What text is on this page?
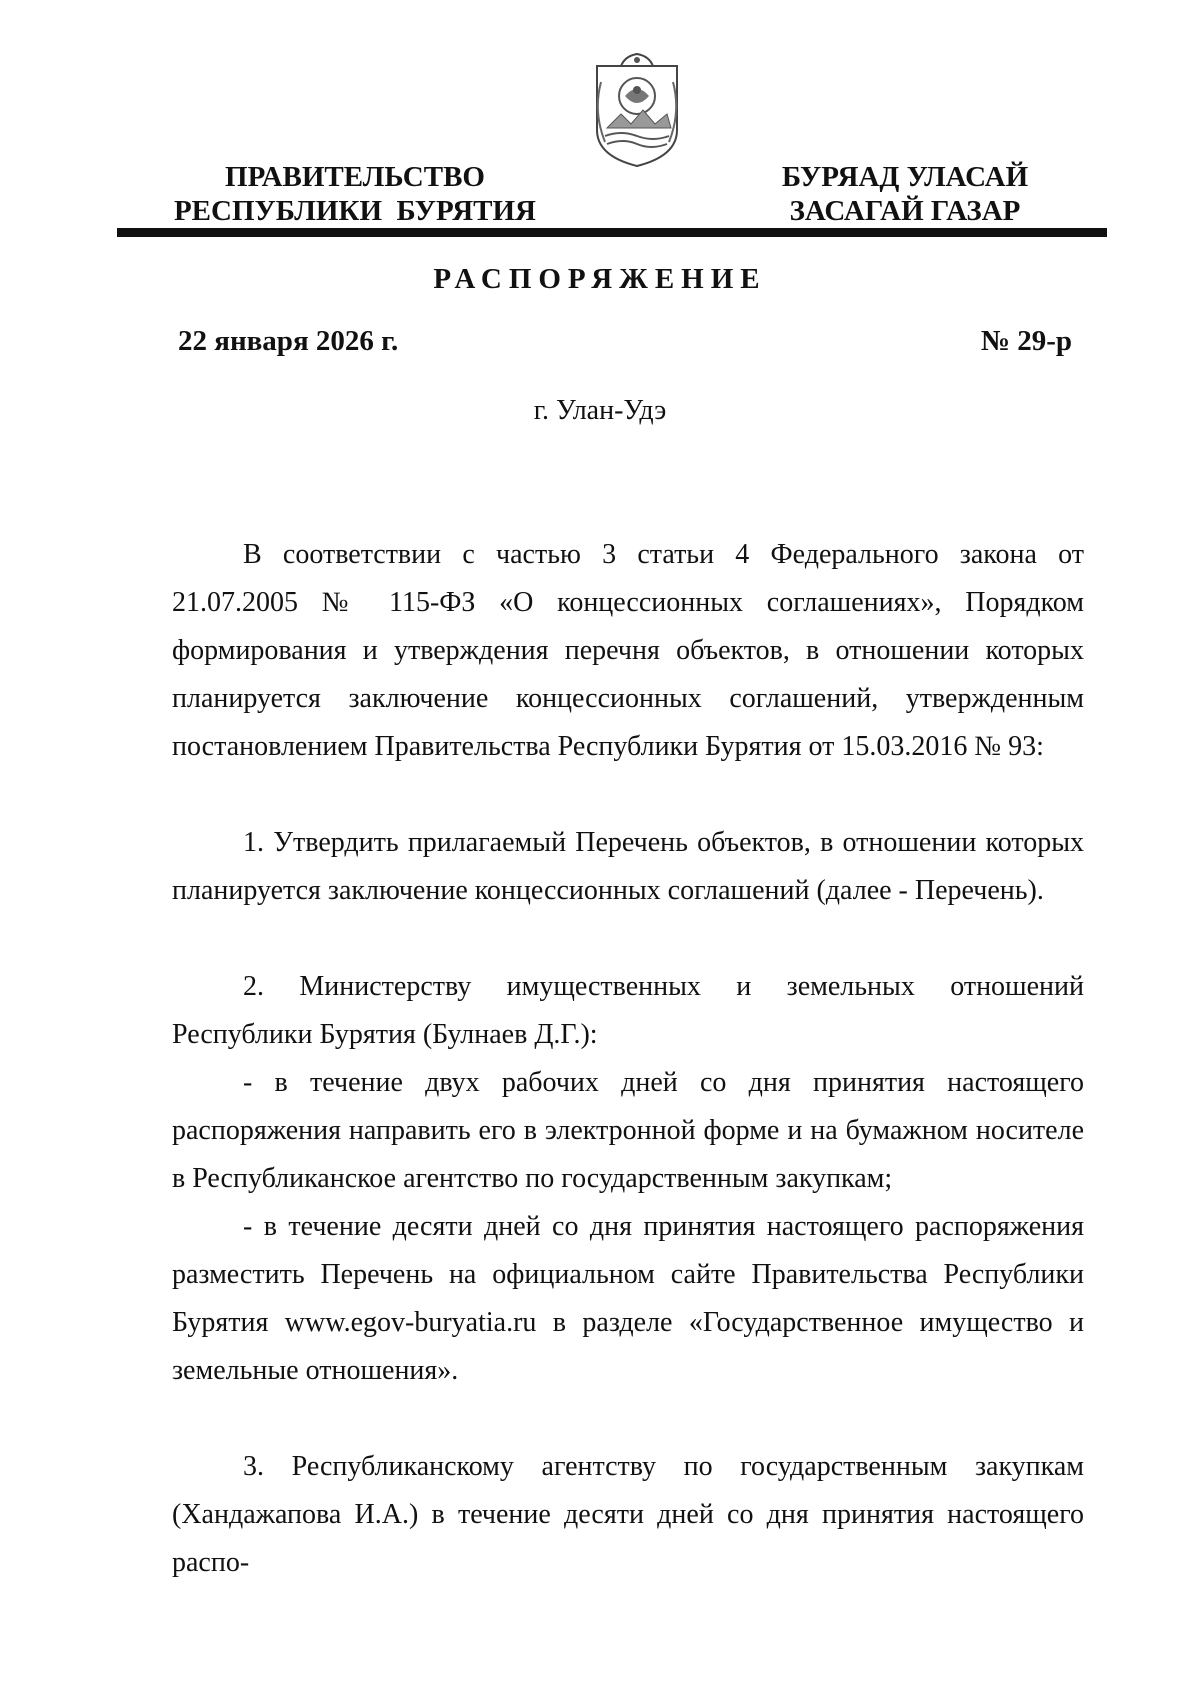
ПРАВИТЕЛЬСТВО
РЕСПУБЛИКИ  БУРЯТИЯ
БУРЯАД УЛАСАЙ
ЗАСАГАЙ ГАЗАР
РАСПОРЯЖЕНИЕ
22 января 2026 г.	№ 29-р
г. Улан-Удэ

В соответствии с частью 3 статьи 4 Федерального закона от 21.07.2005 № 115-ФЗ «О концессионных соглашениях», Порядком формирования и утверждения перечня объектов, в отношении которых планируется заключение концессионных соглашений, утвержденным постановлением Правительства Республики Бурятия от 15.03.2016 № 93:

1. Утвердить прилагаемый Перечень объектов, в отношении которых планируется заключение концессионных соглашений (далее - Перечень).

2. Министерству имущественных и земельных отношений Республики Бурятия (Булнаев Д.Г.):

- в течение двух рабочих дней со дня принятия настоящего распоряжения направить его в электронной форме и на бумажном носителе в Республиканское агентство по государственным закупкам;

- в течение десяти дней со дня принятия настоящего распоряжения разместить Перечень на официальном сайте Правительства Республики Бурятия www.egov-buryatia.ru в разделе «Государственное имущество и земельные отношения».

3. Республиканскому агентству по государственным закупкам (Хандажапова И.А.) в течение десяти дней со дня принятия настоящего распо-
